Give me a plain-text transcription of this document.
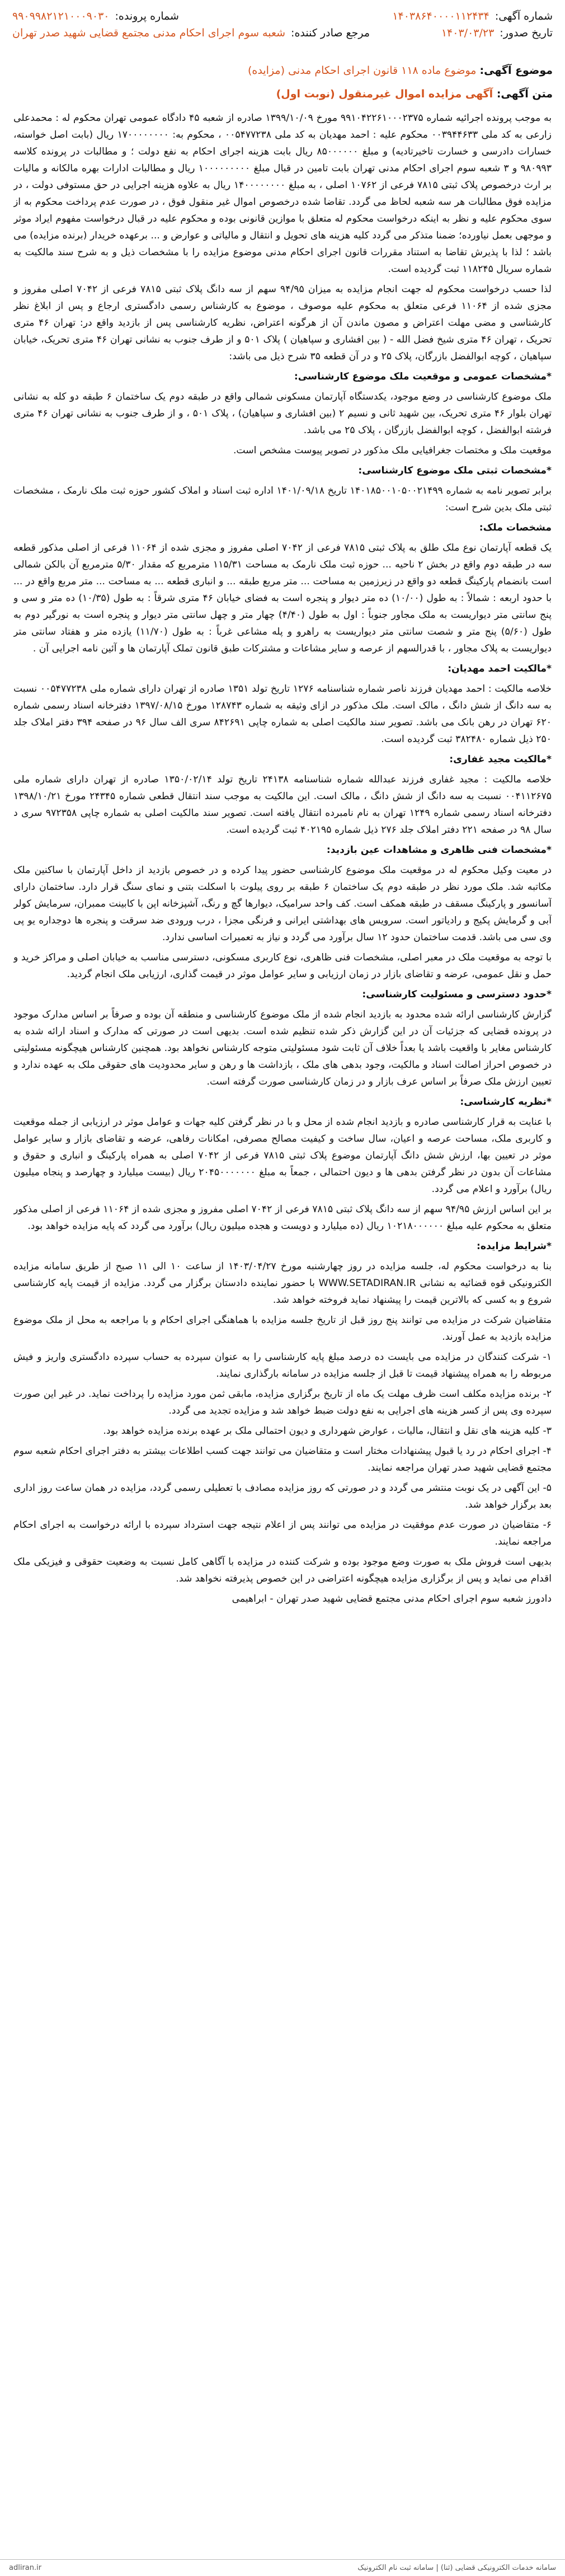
شماره آگهی:
۱۴۰۳۸۶۴۰۰۰۰۱۱۲۴۳۴
شماره پرونده:
۹۹۰۹۹۸۲۱۲۱۰۰۰۹۰۳۰
تاریخ صدور:
۱۴۰۳/۰۳/۲۳
مرجع صادر کننده:
شعبه سوم اجرای احکام مدنی مجتمع قضایی شهید صدر تهران
موضوع آگهی: موضوع ماده ۱۱۸ قانون اجرای احکام مدنی (مزایده)
متن آگهی: آگهی مزایده اموال غیرمنقول (نوبت اول)

به موجب پرونده اجرائیه شماره ۹۹۱۰۴۲۲۶۱۰۰۰۲۳۷۵ مورخ ۱۳۹۹/۱۰/۰۹ صادره از شعبه ۴۵ دادگاه عمومی تهران محکوم له : محمدعلی زارعی به کد ملی ۰۰۳۹۴۴۶۳۳ محکوم علیه : احمد مهدیان به کد ملی ۰۰۵۴۷۷۲۳۸ ، محکوم به: ۱۷۰۰۰۰۰۰۰۰ ریال (بابت اصل خواسته، خسارات دادرسی و خسارت تاخیرتادیه) و مبلغ ۸۵۰۰۰۰۰۰ ریال بابت هزینه اجرای احکام به نفع دولت ؛ و مطالبات در پرونده کلاسه ۹۸۰۹۹۳ و ۳ شعبه سوم اجرای احکام مدنی تهران بابت تامین در قبال مبلغ ۱۰۰۰۰۰۰۰۰۰ ریال و مطالبات ادارات بهره مالکانه و مالیات بر ارث درخصوص پلاک ثبتی ۷۸۱۵ فرعی از ۱۰۷۶۲ اصلی ، به مبلغ ۱۴۰۰۰۰۰۰۰۰ ریال به علاوه هزینه اجرایی در حق مستوفی دولت ، در مزایده فوق مطالبات هر سه شعبه لحاظ می گردد. تقاضا شده درخصوص اموال غیر منقول فوق ، در صورت عدم پرداخت محکوم به از سوی محکوم علیه و نظر به اینکه درخواست محکوم له متعلق با موازین قانونی بوده و محکوم علیه در قبال درخواست مفهوم ایراد موثر و موجهی بعمل نیاورده؛ ضمنا متذکر می گردد کلیه هزینه های تحویل و انتقال و مالیاتی و عوارض و ... برعهده خریدار (برنده مزایده) می باشد ؛ لذا با پذیرش تقاضا به استناد مقررات قانون اجرای احکام مدنی موضوع مزایده را با مشخصات ذیل و به شرح سند مالکیت به شماره سریال ۱۱۸۲۴۵ ثبت گردیده است.

لذا حسب درخواست محکوم له جهت انجام مزایده به میزان ۹۴/۹۵ سهم از سه دانگ پلاک ثبتی ۷۸۱۵ فرعی از ۷۰۴۲ اصلی مفروز و مجزی شده از ۱۱۰۶۴ فرعی متعلق به محکوم علیه موصوف ، موضوع به کارشناس رسمی دادگستری ارجاع و پس از ابلاغ نظر کارشناسی و مضی مهلت اعتراض و مصون ماندن آن از هرگونه اعتراض، نظریه کارشناسی پس از بازدید واقع در: تهران ۴۶ متری تحریک ، تهران ۴۶ متری شیخ فضل الله - ( بین افشاری و سپاهیان ) پلاک ۵۰۱ و از طرف جنوب به نشانی تهران ۴۶ متری تحریک، خیابان سپاهیان ، کوچه ابوالفضل بازرگان، پلاک ۲۵ و در آن قطعه ۳۵ شرح ذیل می باشد:

*مشخصات عمومی و موقعیت ملک موضوع کارشناسی:

ملک موضوع کارشناسی در وضع موجود، یکدستگاه آپارتمان مسکونی شمالی واقع در طبقه دوم یک ساختمان ۶ طبقه دو کله به نشانی تهران بلوار ۴۶ متری تحریک، بین شهید ثانی و نسیم ۲ (بین افشاری و سپاهیان) ، پلاک ۵۰۱ ، و از طرف جنوب به نشانی تهران ۴۶ متری فرشته ابوالفضل ، کوچه ابوالفضل بازرگان ، پلاک ۲۵ می باشد.

موقعیت ملک و مختصات جغرافیایی ملک مذکور در تصویر پیوست مشخص است.

*مشخصات ثبتی ملک موضوع کارشناسی:

برابر تصویر نامه به شماره ۱۴۰۱۸۵۰۰۱۰۵۰۰۲۱۴۹۹ تاریخ ۱۴۰۱/۰۹/۱۸ اداره ثبت اسناد و املاک کشور حوزه ثبت ملک نارمک ، مشخصات ثبتی ملک بدین شرح است:

مشخصات ملک:

یک قطعه آپارتمان نوع ملک طلق به پلاک ثبتی ۷۸۱۵ فرعی از ۷۰۴۲ اصلی مفروز و مجزی شده از ۱۱۰۶۴ فرعی از اصلی مذکور قطعه سه در طبقه دوم واقع در بخش ۲ ناحیه ... حوزه ثبت ملک نارمک به مساحت ۱۱۵/۳۱ مترمربع که مقدار ۵/۳۰ مترمربع آن بالکن شمالی است بانضمام پارکینگ قطعه دو واقع در زیرزمین به مساحت ... متر مربع طبقه ... و انباری قطعه ... به مساحت ... متر مربع واقع در ... با حدود اربعه : شمالاً : به طول (۱۰/۰۰) ده متر دیوار و پنجره است به فضای خیابان ۴۶ متری شرقاً : به طول (۱۰/۳۵) ده متر و سی و پنج سانتی متر دیواریست به ملک مجاور جنوباً : اول به طول (۴/۴۰) چهار متر و چهل سانتی متر دیوار و پنجره است به نورگیر دوم به طول (۵/۶۰) پنج متر و شصت سانتی متر دیواریست به راهرو و پله مشاعی غرباً : به طول (۱۱/۷۰) یازده متر و هفتاد سانتی متر دیواریست به پلاک مجاور ، با قدرالسهم از عرصه و سایر مشاعات و مشترکات طبق قانون تملک آپارتمان ها و آئین نامه اجرایی آن .

*مالکیت احمد مهدیان:

خلاصه مالکیت : احمد مهدیان فرزند ناصر شماره شناسنامه ۱۲۷۶ تاریخ تولد ۱۳۵۱ صادره از تهران دارای شماره ملی ۰۰۵۴۷۷۲۳۸ نسبت به سه دانگ از شش دانگ ، مالک است. ملک مذکور در ازای وثیقه به شماره ۱۲۸۷۴۳ مورخ ۱۳۹۷/۰۸/۱۵ دفترخانه اسناد رسمی شماره ۶۲۰ تهران در رهن بانک می باشد. تصویر سند مالکیت اصلی به شماره چاپی ۸۴۲۶۹۱ سری الف سال ۹۶ در صفحه ۳۹۴ دفتر املاک جلد ۲۵۰ ذیل شماره ۳۸۲۴۸۰ ثبت گردیده است.

*مالکیت مجید غفاری:

خلاصه مالکیت : مجید غفاری فرزند عبدالله شماره شناسنامه ۲۴۱۳۸ تاریخ تولد ۱۳۵۰/۰۲/۱۴ صادره از تهران دارای شماره ملی ۰۰۴۱۱۲۶۷۵ نسبت به سه دانگ از شش دانگ ، مالک است. این مالکیت به موجب سند انتقال قطعی شماره ۲۴۳۴۵ مورخ ۱۳۹۸/۱۰/۲۱ دفترخانه اسناد رسمی شماره ۱۲۴۹ تهران به نام نامبرده انتقال یافته است. تصویر سند مالکیت اصلی به شماره چاپی ۹۷۲۳۵۸ سری د سال ۹۸ در صفحه ۲۲۱ دفتر املاک جلد ۲۷۶ ذیل شماره ۴۰۲۱۹۵ ثبت گردیده است.

*مشخصات فنی ظاهری و مشاهدات عین بازدید:

در معیت وکیل محکوم له در موقعیت ملک موضوع کارشناسی حضور پیدا کرده و در خصوص بازدید از داخل آپارتمان با ساکنین ملک مکاتبه شد. ملک مورد نظر در طبقه دوم یک ساختمان ۶ طبقه بر روی پیلوت با اسکلت بتنی و نمای سنگ قرار دارد. ساختمان دارای آسانسور و پارکینگ مسقف در طبقه همکف است. کف واحد سرامیک، دیوارها گچ و رنگ، آشپزخانه اپن با کابینت ممبران، سرمایش کولر آبی و گرمایش پکیج و رادیاتور است. سرویس های بهداشتی ایرانی و فرنگی مجزا ، درب ورودی ضد سرقت و پنجره ها دوجداره یو پی وی سی می باشد. قدمت ساختمان حدود ۱۲ سال برآورد می گردد و نیاز به تعمیرات اساسی ندارد.

با توجه به موقعیت ملک در معبر اصلی، مشخصات فنی ظاهری، نوع کاربری مسکونی، دسترسی مناسب به خیابان اصلی و مراکز خرید و حمل و نقل عمومی، عرضه و تقاضای بازار در زمان ارزیابی و سایر عوامل موثر در قیمت گذاری، ارزیابی ملک انجام گردید.

*حدود دسترسی و مسئولیت کارشناسی:

گزارش کارشناسی ارائه شده محدود به بازدید انجام شده از ملک موضوع کارشناسی و منطقه آن بوده و صرفاً بر اساس مدارک موجود در پرونده قضایی که جزئیات آن در این گزارش ذکر شده تنظیم شده است. بدیهی است در صورتی که مدارک و اسناد ارائه شده به کارشناس مغایر با واقعیت باشد یا بعداً خلاف آن ثابت شود مسئولیتی متوجه کارشناس نخواهد بود. همچنین کارشناس هیچگونه مسئولیتی در خصوص احراز اصالت اسناد و مالکیت، وجود بدهی های ملک ، بازداشت ها و رهن و سایر محدودیت های حقوقی ملک به عهده ندارد و تعیین ارزش ملک صرفاً بر اساس عرف بازار و در زمان کارشناسی صورت گرفته است.

*نظریه کارشناسی:

با عنایت به قرار کارشناسی صادره و بازدید انجام شده از محل و با در نظر گرفتن کلیه جهات و عوامل موثر در ارزیابی از جمله موقعیت و کاربری ملک، مساحت عرصه و اعیان، سال ساخت و کیفیت مصالح مصرفی، امکانات رفاهی، عرضه و تقاضای بازار و سایر عوامل موثر در تعیین بها، ارزش شش دانگ آپارتمان موضوع پلاک ثبتی ۷۸۱۵ فرعی از ۷۰۴۲ اصلی به همراه پارکینگ و انباری و حقوق و مشاعات آن بدون در نظر گرفتن بدهی ها و دیون احتمالی ، جمعاً به مبلغ ۲۰۴۵۰۰۰۰۰۰۰ ریال (بیست میلیارد و چهارصد و پنجاه میلیون ریال) برآورد و اعلام می گردد.

بر این اساس ارزش ۹۴/۹۵ سهم از سه دانگ پلاک ثبتی ۷۸۱۵ فرعی از ۷۰۴۲ اصلی مفروز و مجزی شده از ۱۱۰۶۴ فرعی از اصلی مذکور متعلق به محکوم علیه مبلغ ۱۰۲۱۸۰۰۰۰۰۰ ریال (ده میلیارد و دویست و هجده میلیون ریال) برآورد می گردد که پایه مزایده خواهد بود.

*شرایط مزایده:

بنا به درخواست محکوم له، جلسه مزایده در روز چهارشنبه مورخ ۱۴۰۳/۰۴/۲۷ از ساعت ۱۰ الی ۱۱ صبح از طریق سامانه مزایده الکترونیکی قوه قضائیه به نشانی WWW.SETADIRAN.IR با حضور نماینده دادستان برگزار می گردد. مزایده از قیمت پایه کارشناسی شروع و به کسی که بالاترین قیمت را پیشنهاد نماید فروخته خواهد شد.

متقاضیان شرکت در مزایده می توانند پنج روز قبل از تاریخ جلسه مزایده با هماهنگی اجرای احکام و با مراجعه به محل از ملک موضوع مزایده بازدید به عمل آورند.

۱- شرکت کنندگان در مزایده می بایست ده درصد مبلغ پایه کارشناسی را به عنوان سپرده به حساب سپرده دادگستری واریز و فیش مربوطه را به همراه پیشنهاد قیمت تا قبل از جلسه مزایده در سامانه بارگذاری نمایند.

۲- برنده مزایده مکلف است ظرف مهلت یک ماه از تاریخ برگزاری مزایده، مابقی ثمن مورد مزایده را پرداخت نماید. در غیر این صورت سپرده وی پس از کسر هزینه های اجرایی به نفع دولت ضبط خواهد شد و مزایده تجدید می گردد.

۳- کلیه هزینه های نقل و انتقال، مالیات ، عوارض شهرداری و دیون احتمالی ملک بر عهده برنده مزایده خواهد بود.

۴- اجرای احکام در رد یا قبول پیشنهادات مختار است و متقاضیان می توانند جهت کسب اطلاعات بیشتر به دفتر اجرای احکام شعبه سوم مجتمع قضایی شهید صدر تهران مراجعه نمایند.

۵- این آگهی در یک نوبت منتشر می گردد و در صورتی که روز مزایده مصادف با تعطیلی رسمی گردد، مزایده در همان ساعت روز اداری بعد برگزار خواهد شد.

۶- متقاضیان در صورت عدم موفقیت در مزایده می توانند پس از اعلام نتیجه جهت استرداد سپرده با ارائه درخواست به اجرای احکام مراجعه نمایند.

بدیهی است فروش ملک به صورت وضع موجود بوده و شرکت کننده در مزایده با آگاهی کامل نسبت به وضعیت حقوقی و فیزیکی ملک اقدام می نماید و پس از برگزاری مزایده هیچگونه اعتراضی در این خصوص پذیرفته نخواهد شد.

دادورز شعبه سوم اجرای احکام مدنی مجتمع قضایی شهید صدر تهران - ابراهیمی

سامانه خدمات الکترونیکی قضایی (ثنا) | سامانه ثبت نام الکترونیک
adliran.ir
